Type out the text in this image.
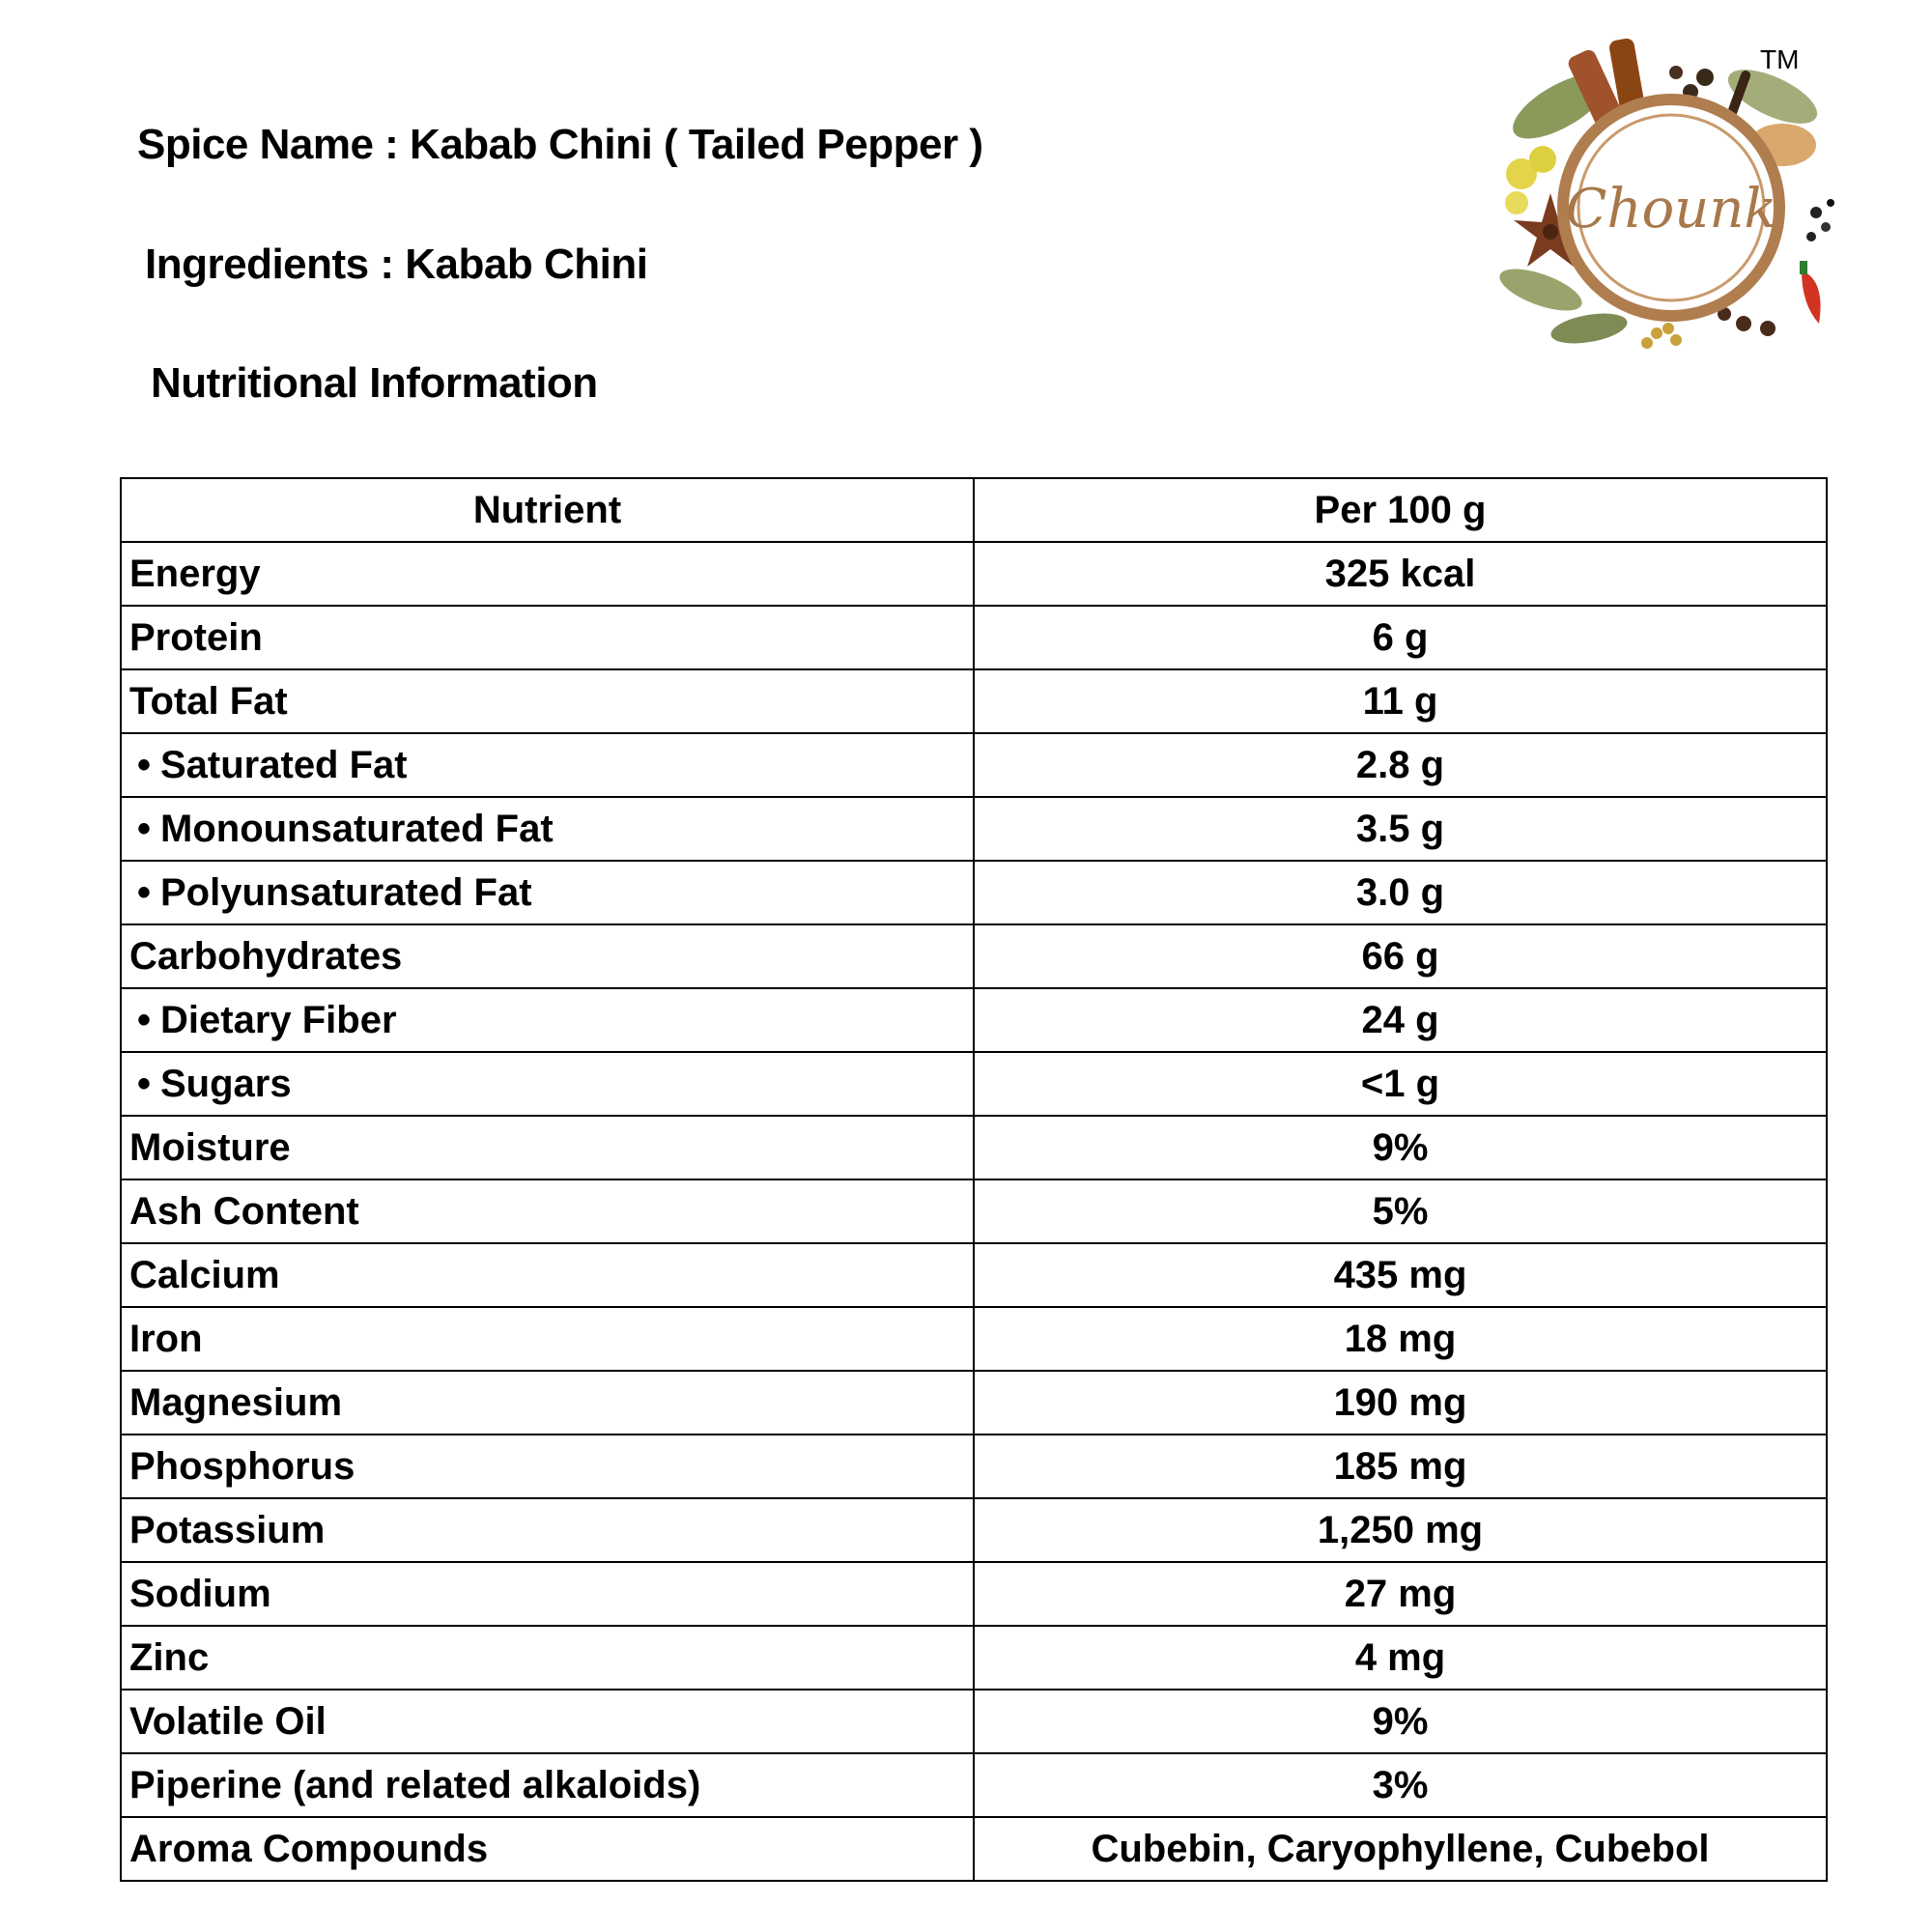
Spice Name : Kabab Chini ( Tailed Pepper )
Ingredients : Kabab Chini
Nutritional Information
Chounk
TM
Nutrient	Per 100 g
Energy	325 kcal
Protein	6 g
Total Fat	11 g
• Saturated Fat	2.8 g
• Monounsaturated Fat	3.5 g
• Polyunsaturated Fat	3.0 g
Carbohydrates	66 g
• Dietary Fiber	24 g
• Sugars	<1 g
Moisture	9%
Ash Content	5%
Calcium	435 mg
Iron	18 mg
Magnesium	190 mg
Phosphorus	185 mg
Potassium	1,250 mg
Sodium	27 mg
Zinc	4 mg
Volatile Oil	9%
Piperine (and related alkaloids)	3%
Aroma Compounds	Cubebin, Caryophyllene, Cubebol
